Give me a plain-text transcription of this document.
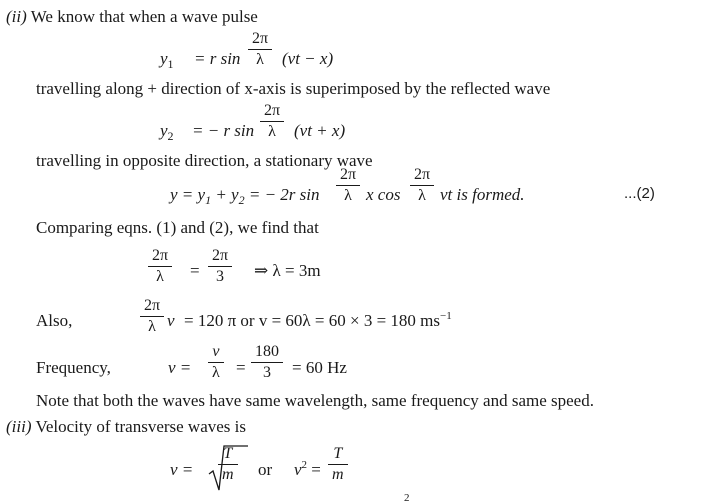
(ii) We know that when a wave pulse
$y_1 = r$ $\sin \frac{2\pi}{\lambda} (vt - x)$
travelling along + direction of x-axis is superimposed by the reflected wave
$y_2$ = − r $\sin \frac{2\pi}{\lambda} (vt + x)$
travelling in opposite direction, a stationary wave
$y = y_1 + y_2$ = − 2r $\sin \frac{2\pi}{\lambda}$ x $\cos \frac{2\pi}{\lambda}$ vt is formed.	...(2)
Comparing eqns. (1) and (2), we find that
$\frac{2\pi}{\lambda} = \frac{2\pi}{3}$ ⇒ λ = 3m
Also,	$\frac{2\pi}{\lambda}$ v = 120 π or v = 60λ = 60 × 3 = 180 $ms^{-1}$
Frequency,	$\nu = \frac{v}{\lambda} = \frac{180}{3} = 60$ Hz
Note that both the waves have same wavelength, same frequency and same speed.
(iii) Velocity of transverse waves is
$v = \frac{T}{m}$ or $v^2 = \frac{T}{m}$
2
